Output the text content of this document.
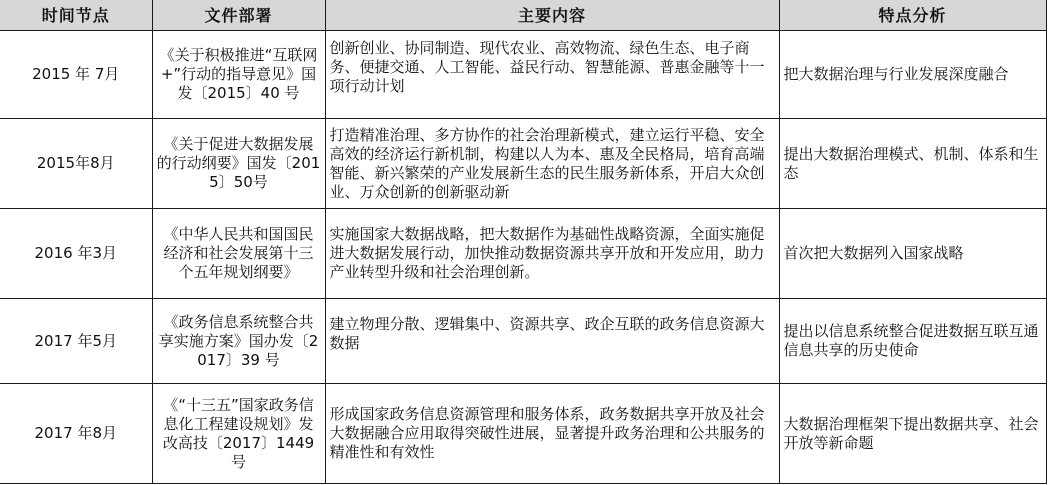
时间节点	文件部署	主要内容	特点分析
2015 年 7月	《关于积极推进“互联网+”行动的指导意见》国发〔2015〕40 号	创新创业、协同制造、现代农业、高效物流、绿色生态、电子商务、便捷交通、人工智能、益民行动、智慧能源、普惠金融等十一项行动计划	把大数据治理与行业发展深度融合
2015年8月	《关于促进大数据发展的行动纲要》国发〔2015〕50号	打造精准治理、多方协作的社会治理新模式，建立运行平稳、安全高效的经济运行新机制，构建以人为本、惠及全民格局，培育高端智能、新兴繁荣的产业发展新生态的民生服务新体系，开启大众创业、万众创新的创新驱动新	提出大数据治理模式、机制、体系和生态
2016 年3月	《中华人民共和国国民经济和社会发展第十三个五年规划纲要》	实施国家大数据战略，把大数据作为基础性战略资源，全面实施促进大数据发展行动，加快推动数据资源共享开放和开发应用，助力产业转型升级和社会治理创新。	首次把大数据列入国家战略
2017 年5月	《政务信息系统整合共享实施方案》国办发〔2017〕39 号	建立物理分散、逻辑集中、资源共享、政企互联的政务信息资源大数据	提出以信息系统整合促进数据互联互通信息共享的历史使命
2017 年8月	《“十三五”国家政务信息化工程建设规划》发改高技〔2017〕1449 号	形成国家政务信息资源管理和服务体系，政务数据共享开放及社会大数据融合应用取得突破性进展，显著提升政务治理和公共服务的精准性和有效性	大数据治理框架下提出数据共享、社会开放等新命题
